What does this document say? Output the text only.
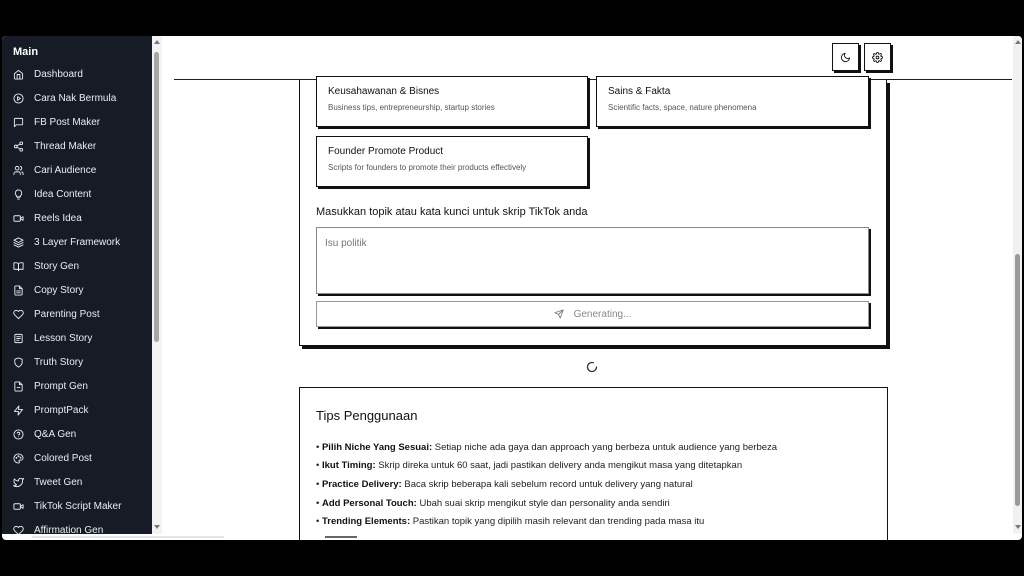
Main
Dashboard
Cara Nak Bermula
FB Post Maker
Thread Maker
Cari Audience
Idea Content
Reels Idea
3 Layer Framework
Story Gen
Copy Story
Parenting Post
Lesson Story
Truth Story
Prompt Gen
PromptPack
Q&A Gen
Colored Post
Tweet Gen
TikTok Script Maker
Affirmation Gen
Keusahawanan & Bisnes
Business tips, entrepreneurship, startup stories
Sains & Fakta
Scientific facts, space, nature phenomena
Founder Promote Product
Scripts for founders to promote their products effectively
Masukkan topik atau kata kunci untuk skrip TikTok anda
Isu politik
Generating...
Tips Penggunaan
• Pilih Niche Yang Sesuai: Setiap niche ada gaya dan approach yang berbeza untuk audience yang berbeza
• Ikut Timing: Skrip direka untuk 60 saat, jadi pastikan delivery anda mengikut masa yang ditetapkan
• Practice Delivery: Baca skrip beberapa kali sebelum record untuk delivery yang natural
• Add Personal Touch: Ubah suai skrip mengikut style dan personality anda sendiri
• Trending Elements: Pastikan topik yang dipilih masih relevant dan trending pada masa itu
